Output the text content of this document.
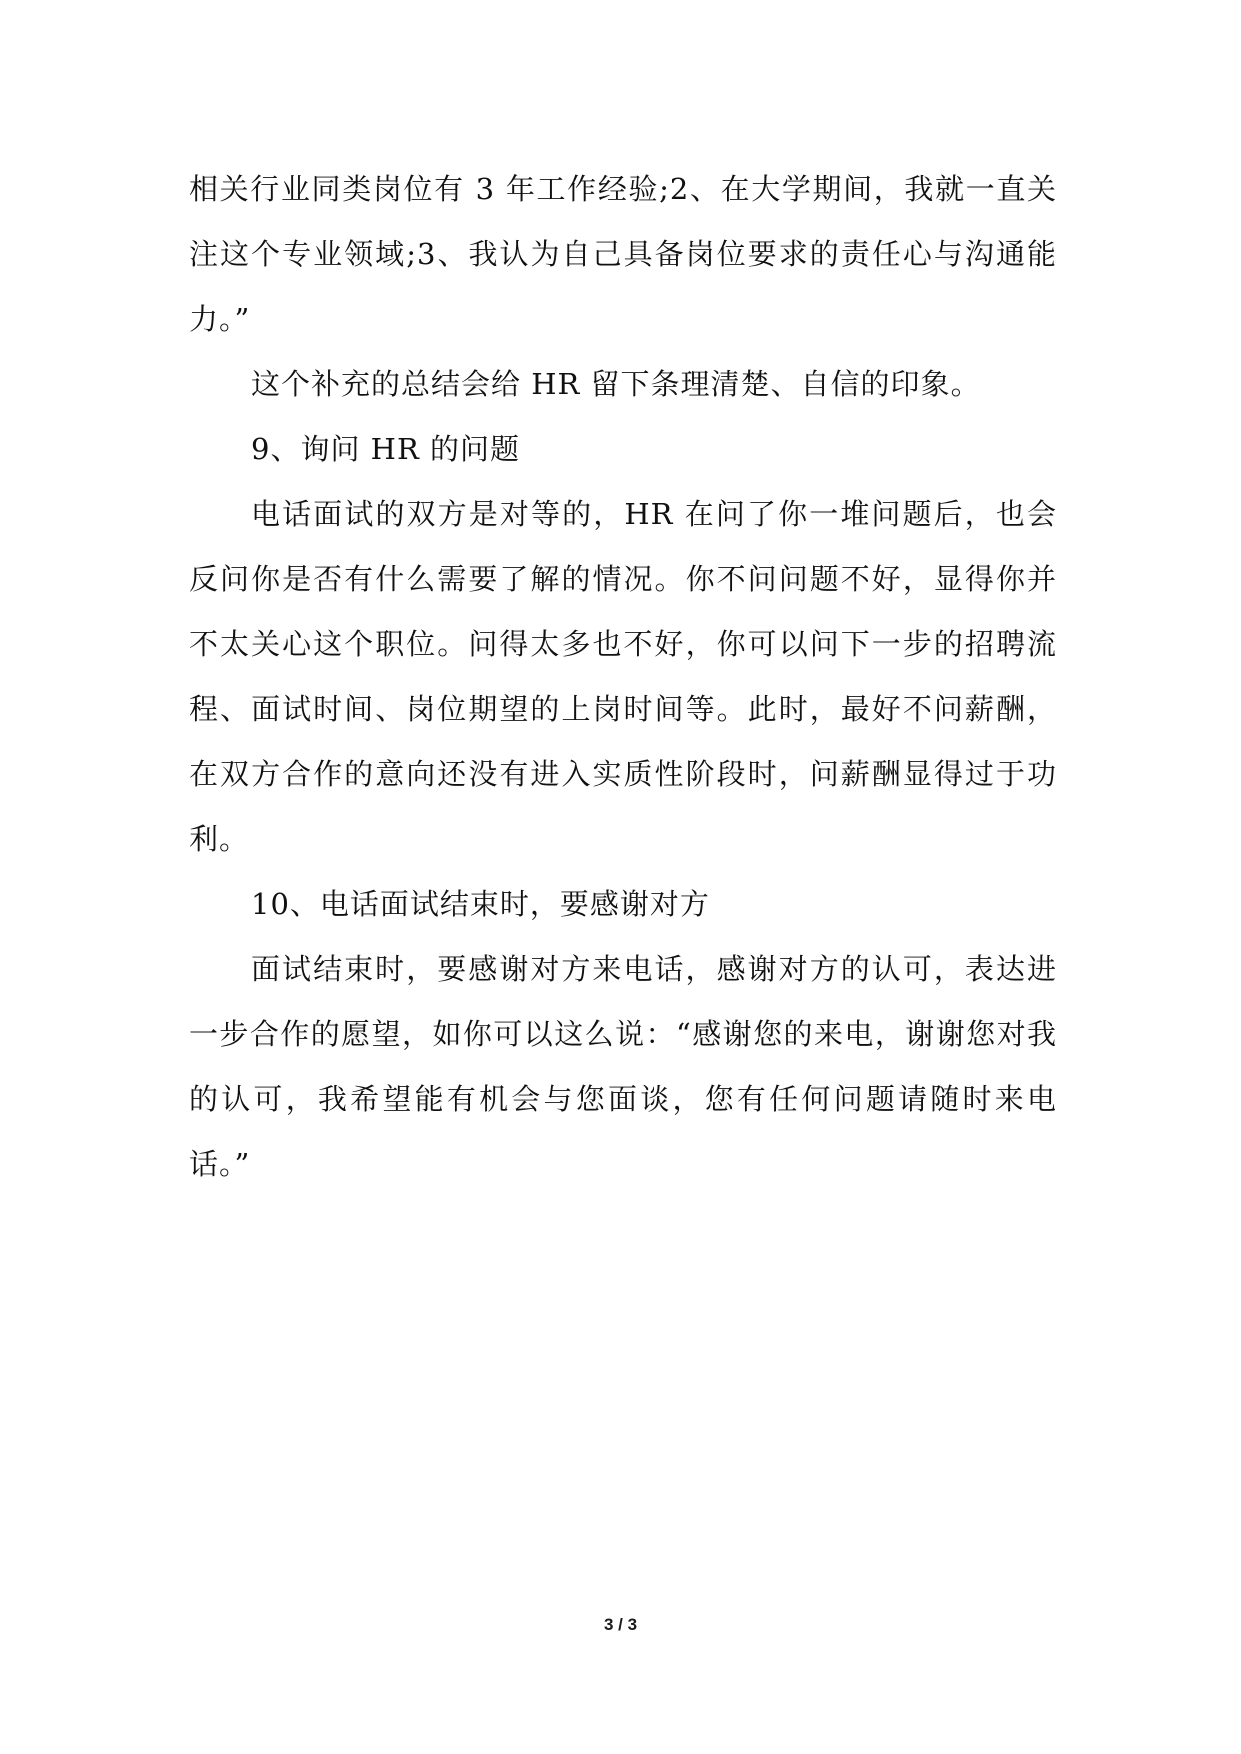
相关行业同类岗位有 3 年工作经验;2、在大学期间，我就一直关注这个专业领域;3、我认为自己具备岗位要求的责任心与沟通能力。”

这个补充的总结会给 HR 留下条理清楚、自信的印象。

9、询问 HR 的问题

电话面试的双方是对等的，HR 在问了你一堆问题后，也会反问你是否有什么需要了解的情况。你不问问题不好，显得你并不太关心这个职位。问得太多也不好，你可以问下一步的招聘流程、面试时间、岗位期望的上岗时间等。此时，最好不问薪酬，在双方合作的意向还没有进入实质性阶段时，问薪酬显得过于功利。

10、电话面试结束时，要感谢对方

面试结束时，要感谢对方来电话，感谢对方的认可，表达进一步合作的愿望，如你可以这么说：“感谢您的来电，谢谢您对我的认可，我希望能有机会与您面谈，您有任何问题请随时来电话。”

3 / 3
